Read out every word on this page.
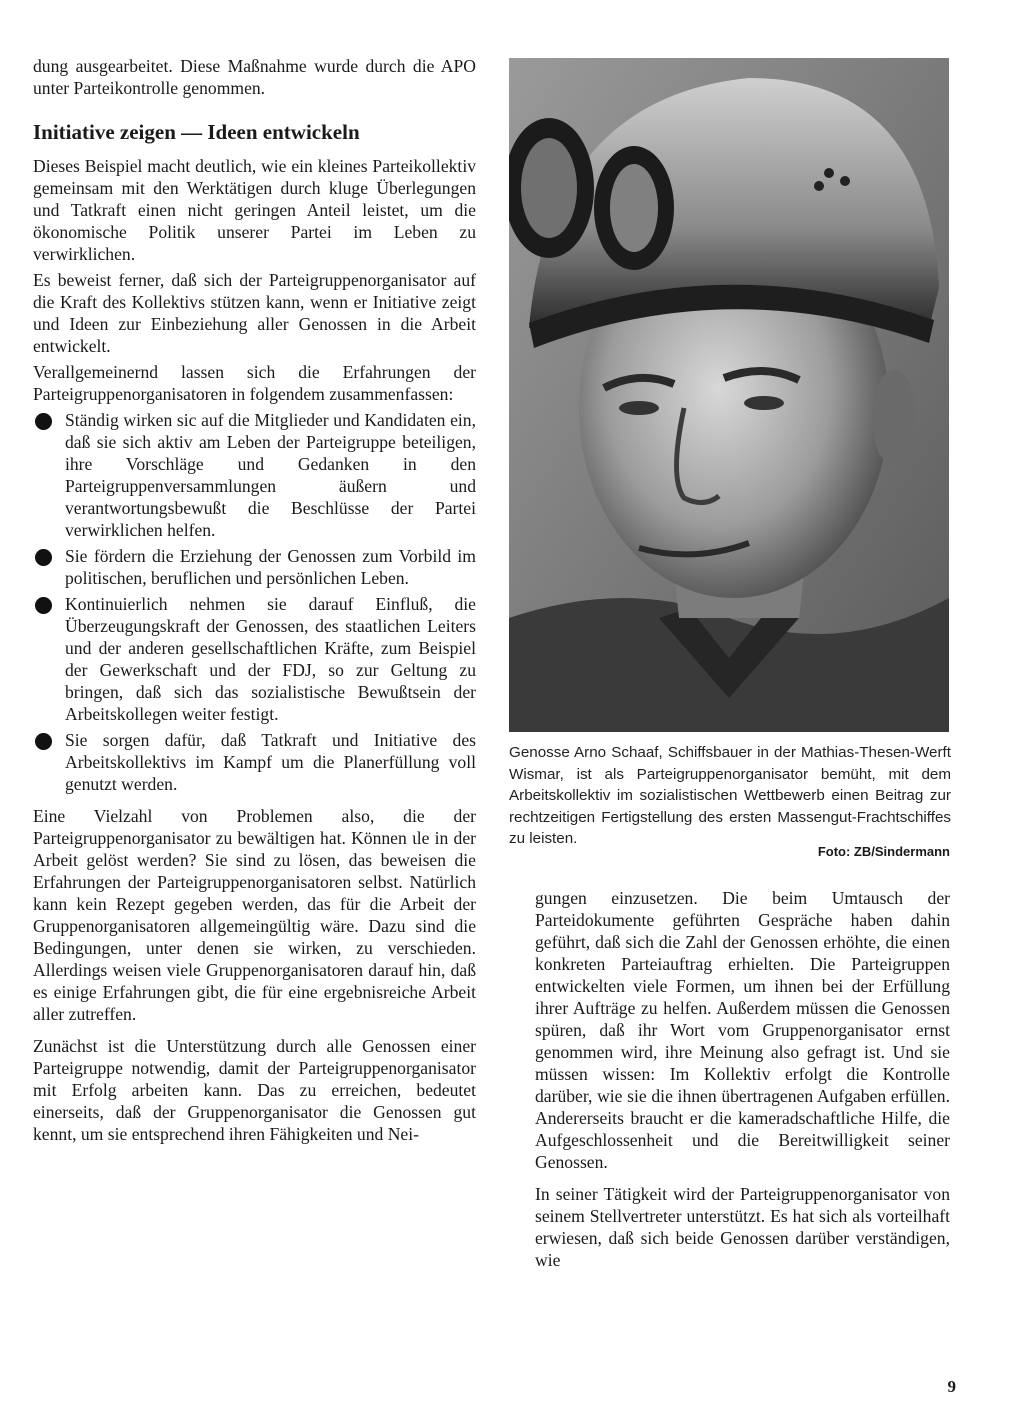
dung ausgearbeitet. Diese Maßnahme wurde durch die APO unter Parteikontrolle genommen.

Initiative zeigen — Ideen entwickeln

Dieses Beispiel macht deutlich, wie ein kleines Parteikollektiv gemeinsam mit den Werktätigen durch kluge Überlegungen und Tatkraft einen nicht geringen Anteil leistet, um die ökonomische Politik unserer Partei im Leben zu verwirklichen.

Es beweist ferner, daß sich der Parteigruppenorganisator auf die Kraft des Kollektivs stützen kann, wenn er Initiative zeigt und Ideen zur Einbeziehung aller Genossen in die Arbeit entwickelt.

Verallgemeinernd lassen sich die Erfahrungen der Parteigruppenorganisatoren in folgendem zusammenfassen:

Ständig wirken sic auf die Mitglieder und Kandidaten ein, daß sie sich aktiv am Leben der Parteigruppe beteiligen, ihre Vorschläge und Gedanken in den Parteigruppenversammlungen äußern und verantwortungsbewußt die Beschlüsse der Partei verwirklichen helfen.
Sie fördern die Erziehung der Genossen zum Vorbild im politischen, beruflichen und persönlichen Leben.
Kontinuierlich nehmen sie darauf Einfluß, die Überzeugungskraft der Genossen, des staatlichen Leiters und der anderen gesellschaftlichen Kräfte, zum Beispiel der Gewerkschaft und der FDJ, so zur Geltung zu bringen, daß sich das sozialistische Bewußtsein der Arbeitskollegen weiter festigt.
Sie sorgen dafür, daß Tatkraft und Initiative des Arbeitskollektivs im Kampf um die Planerfüllung voll genutzt werden.

Eine Vielzahl von Problemen also, die der Parteigruppenorganisator zu bewältigen hat. Können ɩle in der Arbeit gelöst werden? Sie sind zu lösen, das beweisen die Erfahrungen der Parteigruppenorganisatoren selbst. Natürlich kann kein Rezept gegeben werden, das für die Arbeit der Gruppenorganisatoren allgemeingültig wäre. Dazu sind die Bedingungen, unter denen sie wirken, zu verschieden. Allerdings weisen viele Gruppenorganisatoren darauf hin, daß es einige Erfahrungen gibt, die für eine ergebnisreiche Arbeit aller zutreffen.

Zunächst ist die Unterstützung durch alle Genossen einer Parteigruppe notwendig, damit der Parteigruppenorganisator mit Erfolg arbeiten kann. Das zu erreichen, bedeutet einerseits, daß der Gruppenorganisator die Genossen gut kennt, um sie entsprechend ihren Fähigkeiten und Nei-

Genosse Arno Schaaf, Schiffsbauer in der Mathias-Thesen-Werft Wismar, ist als Parteigruppenorganisator bemüht, mit dem Arbeitskollektiv im sozialistischen Wettbewerb einen Beitrag zur rechtzeitigen Fertigstellung des ersten Massengut-Frachtschiffes zu leisten.
Foto: ZB/Sindermann

gungen einzusetzen. Die beim Umtausch der Parteidokumente geführten Gespräche haben dahin geführt, daß sich die Zahl der Genossen erhöhte, die einen konkreten Parteiauftrag erhielten. Die Parteigruppen entwickelten viele Formen, um ihnen bei der Erfüllung ihrer Aufträge zu helfen. Außerdem müssen die Genossen spüren, daß ihr Wort vom Gruppenorganisator ernst genommen wird, ihre Meinung also gefragt ist. Und sie müssen wissen: Im Kollektiv erfolgt die Kontrolle darüber, wie sie die ihnen übertragenen Aufgaben erfüllen. Andererseits braucht er die kameradschaftliche Hilfe, die Aufgeschlossenheit und die Bereitwilligkeit seiner Genossen.

In seiner Tätigkeit wird der Parteigruppenorganisator von seinem Stellvertreter unterstützt. Es hat sich als vorteilhaft erwiesen, daß sich beide Genossen darüber verständigen, wie

9
